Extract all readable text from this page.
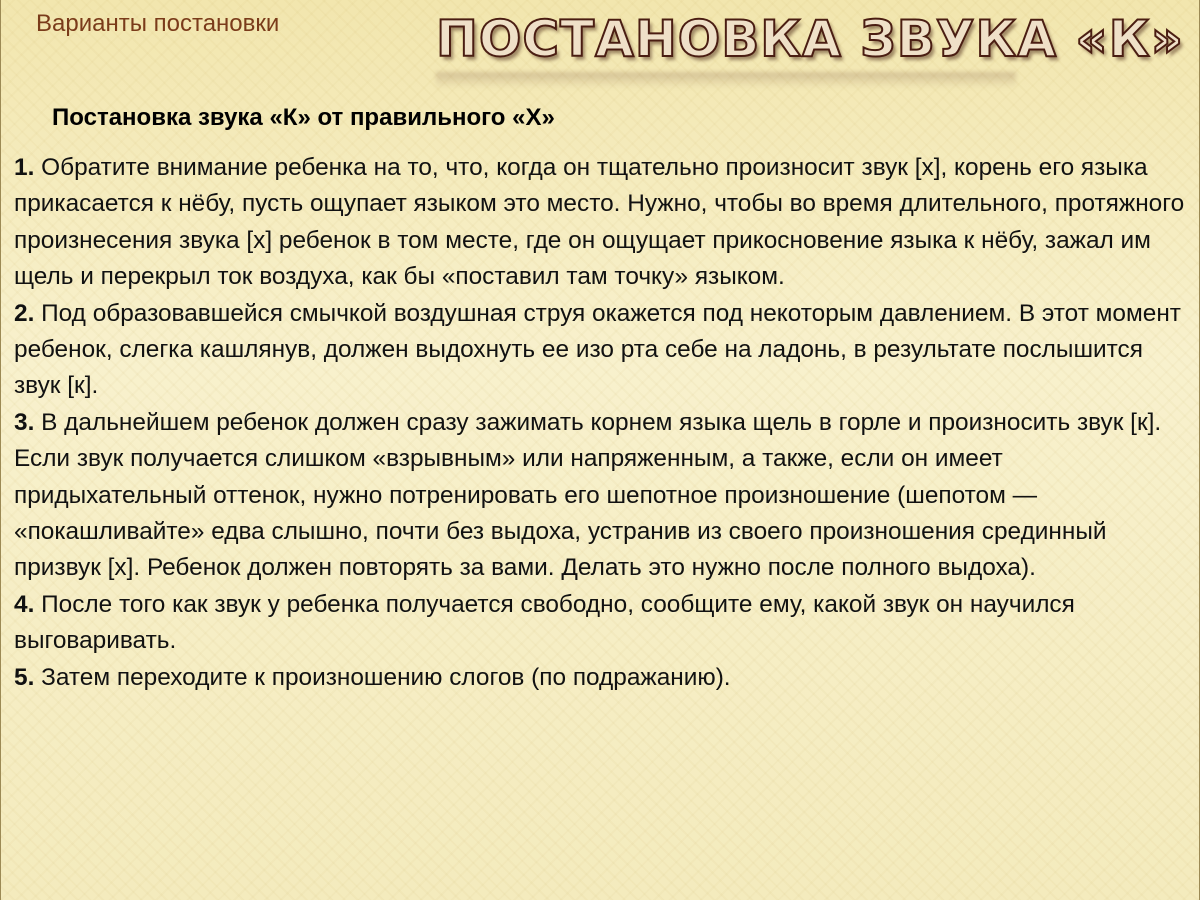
Варианты постановки	ПОСТАНОВКА ЗВУКА «К»
Постановка звука «К» от правильного «Х»

1. Обратите внимание ребенка на то, что, когда он тщательно произносит звук [х], корень его языка прикасается к нёбу, пусть ощупает языком это место. Нужно, чтобы во время длительного, протяжного произнесения звука [х] ребенок в том месте, где он ощущает прикосновение языка к нёбу, зажал им щель и перекрыл ток воздуха, как бы «поставил там точку» языком.

2. Под образовавшейся смычкой воздушная струя окажется под некоторым давлением. В этот момент ребенок, слегка кашлянув, должен выдохнуть ее изо рта себе на ладонь, в результате послышится звук [к].

3. В дальнейшем ребенок должен сразу зажимать корнем языка щель в горле и произносить звук [к]. Если звук получается слишком «взрывным» или напряженным, а также, если он имеет придыхательный оттенок, нужно потренировать его шепотное произношение (шепотом — «покашливайте» едва слышно, почти без выдоха, устранив из своего произношения срединный призвук [х]. Ребенок должен повторять за вами. Делать это нужно после полного выдоха).

4. После того как звук у ребенка получается свободно, сообщите ему, какой звук он научился выговаривать.

5. Затем переходите к произношению слогов (по подражанию).
